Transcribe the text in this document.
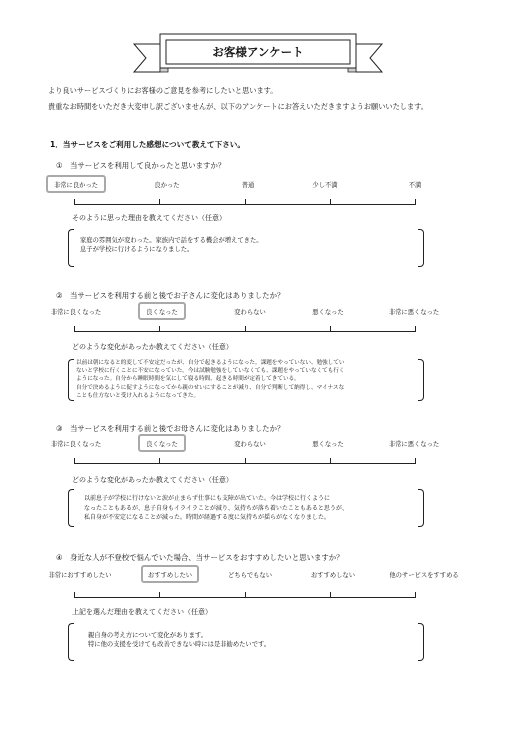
お客様アンケート
より良いサービスづくりにお客様のご意見を参考にしたいと思います。
貴重なお時間をいただき大変申し訳ございませんが、以下のアンケートにお答えいただきますようお願いいたします。
1．当サービスをご利用した感想について教えて下さい。
①　当サービスを利用して良かったと思いますか？
非常に良かった	良かった	普通	少し不満	不満
そのように思った理由を教えてください（任意）
家庭の雰囲気が変わった。家族内で話をする機会が増えてきた。
息子が学校に行けるようになりました。
②　当サービスを利用する前と後でお子さんに変化はありましたか？
非常に良くなった	良くなった	変わらない	悪くなった	非常に悪くなった
どのような変化があったか教えてください（任意）
以前は朝になると的変して不安定だったが、自分で起きるようになった。課題をやっていない、勉強してい
ないと学校に行くことに不安になっていた。今は試験勉強をしていなくても、課題をやっていなくても行く
ようになった。自分から睡眠時間を気にして寝る時間、起きる時間が定着してきている。
自分で決めるように促すようになってから親のせいにすることが減り、自分で判断して納得し、マイナスな
ことも仕方ないと受け入れるようになってきた。
③　当サービスを利用する前と後でお母さんに変化はありましたか？
非常に良くなった	良くなった	変わらない	悪くなった	非常に悪くなった
どのような変化があったか教えてください（任意）
以前息子が学校に行けないと涙が止まらず仕事にも支障が出ていた。今は学校に行くように
なったこともあるが、息子自身もイライラことが減り、気持ちが落ち着いたこともあると思うが、
私自身が不安定になることが減った。時間が経過する度に気持ちが揺らがなくなりました。
④　身近な人が不登校で悩んでいた場合、当サービスをおすすめしたいと思いますか？
非常におすすめしたい	おすすめしたい	どちらでもない	おすすめしない	他のサービスをすすめる
上記を選んだ理由を教えてください（任意）
親自身の考え方について変化があります。
特に他の支援を受けても改善できない時には是非勧めたいです。
